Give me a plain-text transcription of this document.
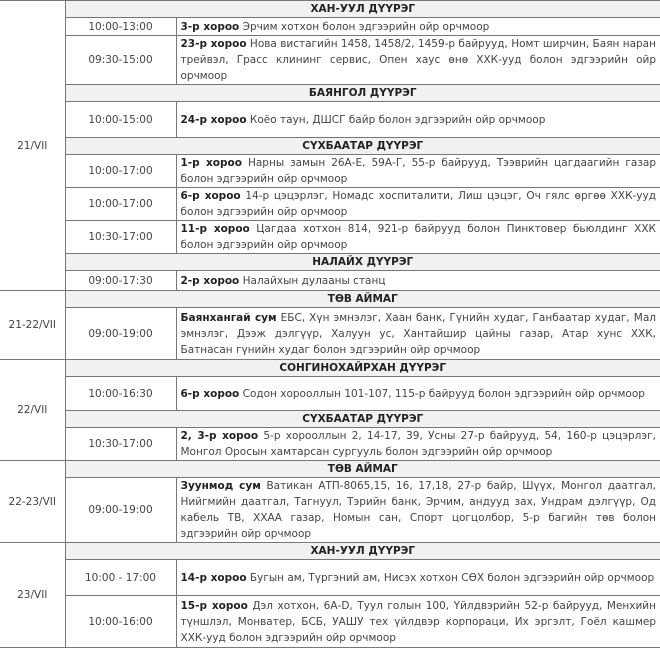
21/VII	ХАН-УУЛ ДҮҮРЭГ	
	10:00-13:00	3-р хороо Эрчим хотхон болон эдгээрийн ойр орчмоор
	09:30-15:00	23-р хороо Нова вистагийн 1458, 1458/2, 1459-р байрууд, Номт ширчин, Баян наран трейвэл, Грасс клининг сервис, Опен хаус өнө ХХК-ууд болон эдгээрийн ойр орчмоор
	БАЯНГОЛ ДҮҮРЭГ	
	10:00-15:00	24-р хороо Коёо таун, ДШСГ байр болон эдгээрийн ойр орчмоор
	СҮХБААТАР ДҮҮРЭГ	
	10:00-17:00	1-р хороо Нарны замын 26А-Е, 59А-Г, 55-р байрууд, Тээврийн цагдаагийн газар болон эдгээрийн ойр орчмоор
	10:00-17:00	6-р хороо 14-р цэцэрлэг, Номадс хоспиталити, Лиш цэцэг, Оч гялс өргөө ХХК-ууд болон эдгээрийн ойр орчмоор
	10:30-17:00	11-р хороо Цагдаа хотхон 814, 921-р байрууд болон Пинктовер бьюлдинг ХХК болон эдгээрийн ойр орчмоор
	НАЛАЙХ ДҮҮРЭГ	
	09:00-17:30	2-р хороо Налайхын дулааны станц
21-22/VII	ТӨВ АЙМАГ	
	09:00-19:00	Баянхангай сум ЕБС, Хүн эмнэлэг, Хаан банк, Гүнийн худаг, Ганбаатар худаг, Мал эмнэлэг, Дээж дэлгүүр, Халуун ус, Хантайшир цайны газар, Атар хунс ХХК, Батнасан гүнийн худаг болон эдгээрийн ойр орчмоор
22/VII	СОНГИНОХАЙРХАН ДҮҮРЭГ	
	10:00-16:30	6-р хороо Содон хорооллын 101-107, 115-р байрууд болон эдгээрийн ойр орчмоор
	СҮХБААТАР ДҮҮРЭГ	
	10:30-17:00	2, 3-р хороо 5-р хорооллын 2, 14-17, 39, Усны 27-р байрууд, 54, 160-р цэцэрлэг, Монгол Оросын хамтарсан сургууль болон эдгээрийн ойр орчмоор
22-23/VII	ТӨВ АЙМАГ	
	09:00-19:00	Зуунмод сум Ватикан АТП-8065,15, 16, 17,18, 27-р байр, Шүүх, Монгол даатгал, Нийгмийн даатгал, Тагнуул, Тэрийн банк, Эрчим, андууд зах, Ундрам дэлгүүр, Од кабель ТВ, ХХАА газар, Номын сан, Спорт цогцолбор, 5-р багийн төв болон эдгээрийн ойр орчмоор
23/VII	ХАН-УУЛ ДҮҮРЭГ	
	10:00 - 17:00	14-р хороо Бугын ам, Түргэний ам, Нисэх хотхон СӨХ болон эдгээрийн ойр орчмоор
	10:00-16:00	15-р хороо Дэл хотхон, 6А-D, Туул голын 100, Үйлдвэрийн 52-р байрууд, Менхийн түншлэл, Монватер, БСБ, УАШУ тех үйлдвэр корпораци, Их эргэлт, Гоёл кашмер ХХК-ууд болон эдгээрийн ойр орчмоор
